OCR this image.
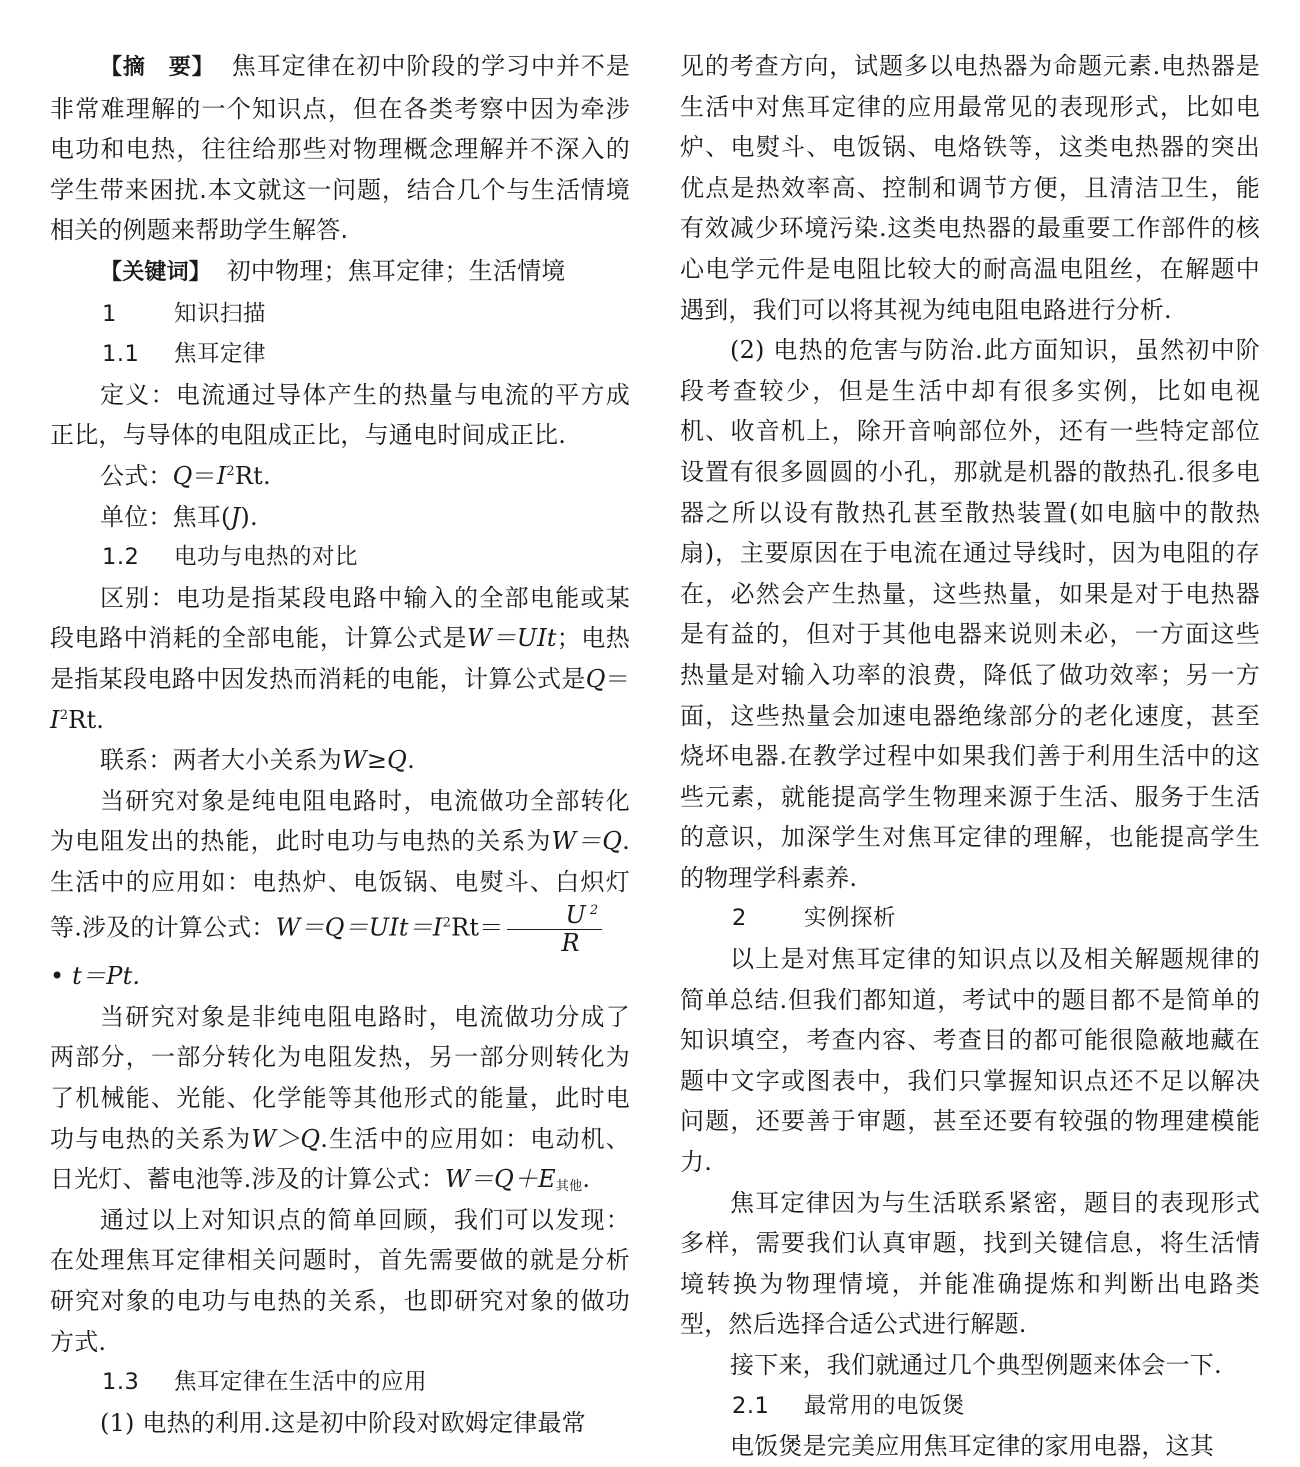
【摘　要】 焦耳定律在初中阶段的学习中并不是非常难理解的一个知识点，但在各类考察中因为牵涉电功和电热，往往给那些对物理概念理解并不深入的学生带来困扰.本文就这一问题，结合几个与生活情境相关的例题来帮助学生解答.

【关键词】 初中物理；焦耳定律；生活情境

1	知识扫描
1.1 焦耳定律

定义：电流通过导体产生的热量与电流的平方成正比，与导体的电阻成正比，与通电时间成正比.

公式：$Q=I^2Rt$.

单位：焦耳(J).

1.2 电功与电热的对比

区别：电功是指某段电路中输入的全部电能或某段电路中消耗的全部电能，计算公式是W＝UIt；电热是指某段电路中因发热而消耗的电能，计算公式是$Q=I^2Rt$.

联系：两者大小关系为W≥Q.

当研究对象是纯电阻电路时，电流做功全部转化为电阻发出的热能，此时电功与电热的关系为W＝Q.生活中的应用如：电热炉、电饭锅、电熨斗、白炽灯等.涉及的计算公式：$W=Q=UIt=I^2Rt= \frac{U ^2}{R}$

• t＝Pt.

当研究对象是非纯电阻电路时，电流做功分成了两部分，一部分转化为电阻发热，另一部分则转化为了机械能、光能、化学能等其他形式的能量，此时电功与电热的关系为W＞Q.生活中的应用如：电动机、日光灯、蓄电池等.涉及的计算公式：$W=Q+E_{其他}$.

通过以上对知识点的简单回顾，我们可以发现：在处理焦耳定律相关问题时，首先需要做的就是分析研究对象的电功与电热的关系，也即研究对象的做功方式.

1.3 焦耳定律在生活中的应用

(1) 电热的利用.这是初中阶段对欧姆定律最常

见的考查方向，试题多以电热器为命题元素.电热器是生活中对焦耳定律的应用最常见的表现形式，比如电炉、电熨斗、电饭锅、电烙铁等，这类电热器的突出优点是热效率高、控制和调节方便，且清洁卫生，能有效减少环境污染.这类电热器的最重要工作部件的核心电学元件是电阻比较大的耐高温电阻丝，在解题中遇到，我们可以将其视为纯电阻电路进行分析.

(2) 电热的危害与防治.此方面知识，虽然初中阶段考查较少，但是生活中却有很多实例，比如电视机、收音机上，除开音响部位外，还有一些特定部位设置有很多圆圆的小孔，那就是机器的散热孔.很多电器之所以设有散热孔甚至散热装置(如电脑中的散热扇)，主要原因在于电流在通过导线时，因为电阻的存在，必然会产生热量，这些热量，如果是对于电热器是有益的，但对于其他电器来说则未必，一方面这些热量是对输入功率的浪费，降低了做功效率；另一方面，这些热量会加速电器绝缘部分的老化速度，甚至烧坏电器.在教学过程中如果我们善于利用生活中的这些元素，就能提高学生物理来源于生活、服务于生活的意识，加深学生对焦耳定律的理解，也能提高学生的物理学科素养.

2	实例探析

以上是对焦耳定律的知识点以及相关解题规律的简单总结.但我们都知道，考试中的题目都不是简单的知识填空，考查内容、考查目的都可能很隐蔽地藏在题中文字或图表中，我们只掌握知识点还不足以解决问题，还要善于审题，甚至还要有较强的物理建模能力.

焦耳定律因为与生活联系紧密，题目的表现形式多样，需要我们认真审题，找到关键信息，将生活情境转换为物理情境，并能准确提炼和判断出电路类型，然后选择合适公式进行解题.

接下来，我们就通过几个典型例题来体会一下.

2.1 最常用的电饭煲

电饭煲是完美应用焦耳定律的家用电器，这其
